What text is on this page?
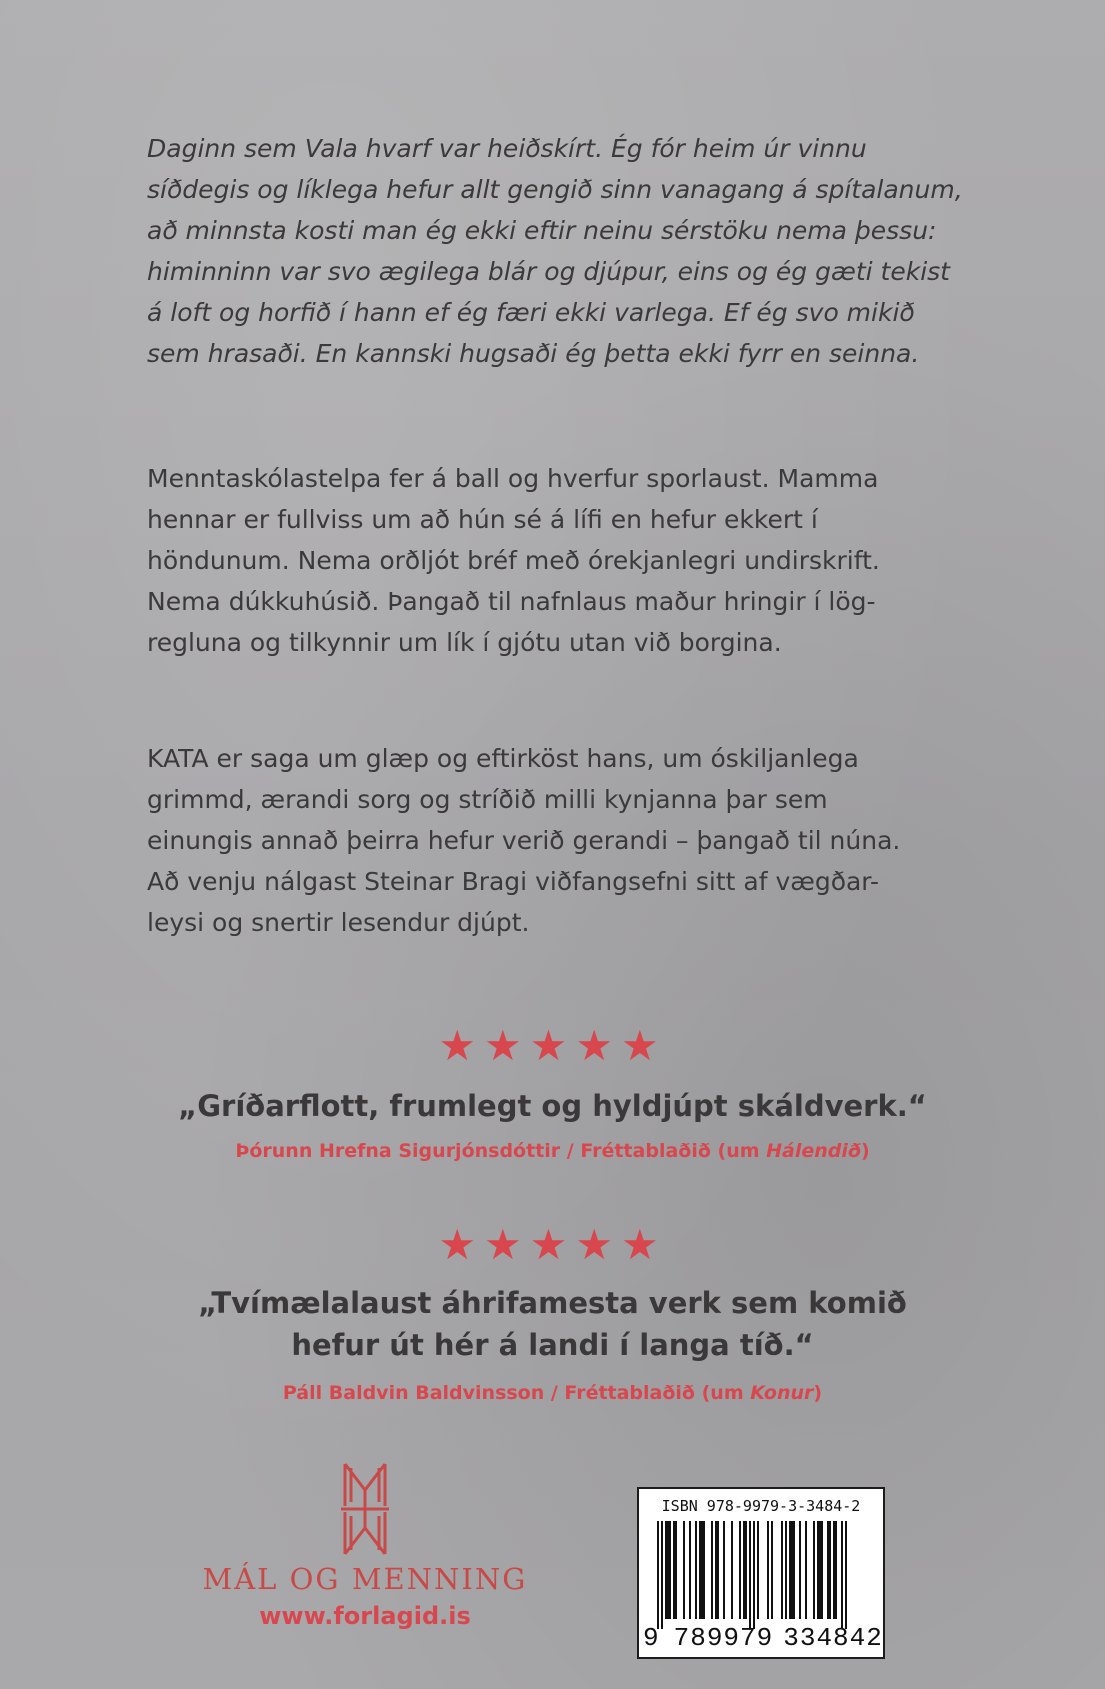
Daginn sem Vala hvarf var heiðskírt. Ég fór heim úr vinnu
síðdegis og líklega hefur allt gengið sinn vanagang á spítalanum,
að minnsta kosti man ég ekki eftir neinu sérstöku nema þessu:
himinninn var svo ægilega blár og djúpur, eins og ég gæti tekist
á loft og horfið í hann ef ég færi ekki varlega. Ef ég svo mikið
sem hrasaði. En kannski hugsaði ég þetta ekki fyrr en seinna.

Menntaskólastelpa fer á ball og hverfur sporlaust. Mamma
hennar er fullviss um að hún sé á lífi en hefur ekkert í
höndunum. Nema orðljót bréf með órekjanlegri undirskrift.
Nema dúkkuhúsið. Þangað til nafnlaus maður hringir í lög-
regluna og tilkynnir um lík í gjótu utan við borgina.

KATA er saga um glæp og eftirköst hans, um óskiljanlega
grimmd, ærandi sorg og stríðið milli kynjanna þar sem
einungis annað þeirra hefur verið gerandi – þangað til núna.
Að venju nálgast Steinar Bragi viðfangsefni sitt af vægðar-
leysi og snertir lesendur djúpt.

★★★★★
„Gríðarflott, frumlegt og hyldjúpt skáldverk.“
Þórunn Hrefna Sigurjónsdóttir / Fréttablaðið (um Hálendið)
★★★★★
„Tvímælalaust áhrifamesta verk sem komið
hefur út hér á landi í langa tíð.“
Páll Baldvin Baldvinsson / Fréttablaðið (um Konur)
MÁL OG MENNING
www.forlagid.is
ISBN 978-9979-3-3484-2
9 789979 334842
